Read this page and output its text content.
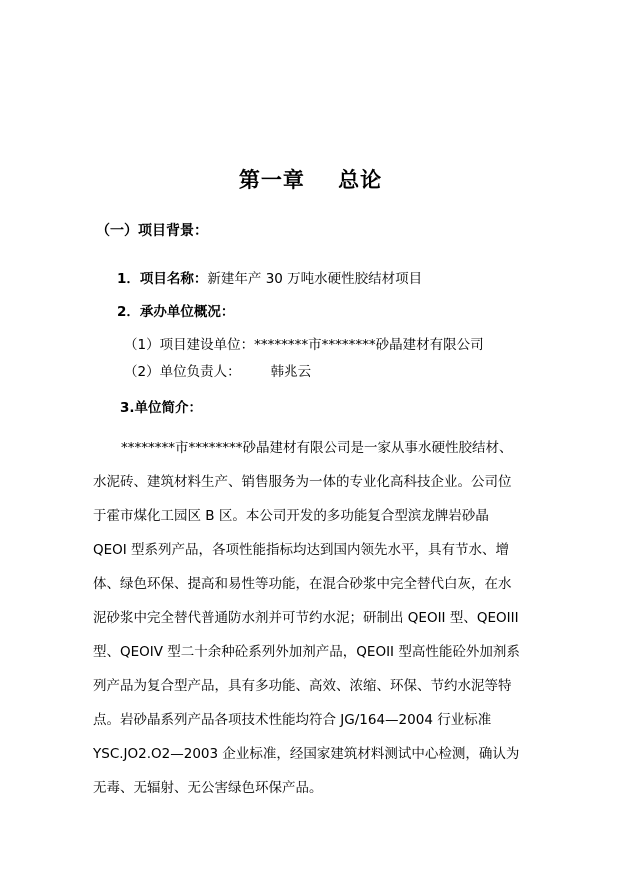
第一章    总论
（一）项目背景：
1．项目名称：新建年产 30 万吨水硬性胶结材项目
2．承办单位概况：
（1）项目建设单位：********市********砂晶建材有限公司
（2）单位负责人： 韩兆云
3.单位简介：
********市********砂晶建材有限公司是一家从事水硬性胶结材、
水泥砖、建筑材料生产、销售服务为一体的专业化高科技企业。公司位
于霍市煤化工园区 B 区。本公司开发的多功能复合型滨龙牌岩砂晶
QEOI 型系列产品，各项性能指标均达到国内领先水平，具有节水、增
体、绿色环保、提高和易性等功能，在混合砂浆中完全替代白灰，在水
泥砂浆中完全替代普通防水剂并可节约水泥；研制出 QEOII 型、QEOIII
型、QEOIV 型二十余种砼系列外加剂产品，QEOII 型高性能砼外加剂系
列产品为复合型产品，具有多功能、高效、浓缩、环保、节约水泥等特
点。岩砂晶系列产品各项技术性能均符合 JG/164—2004 行业标准
YSC.JO2.O2—2003 企业标准，经国家建筑材料测试中心检测，确认为
无毒、无辐射、无公害绿色环保产品。
